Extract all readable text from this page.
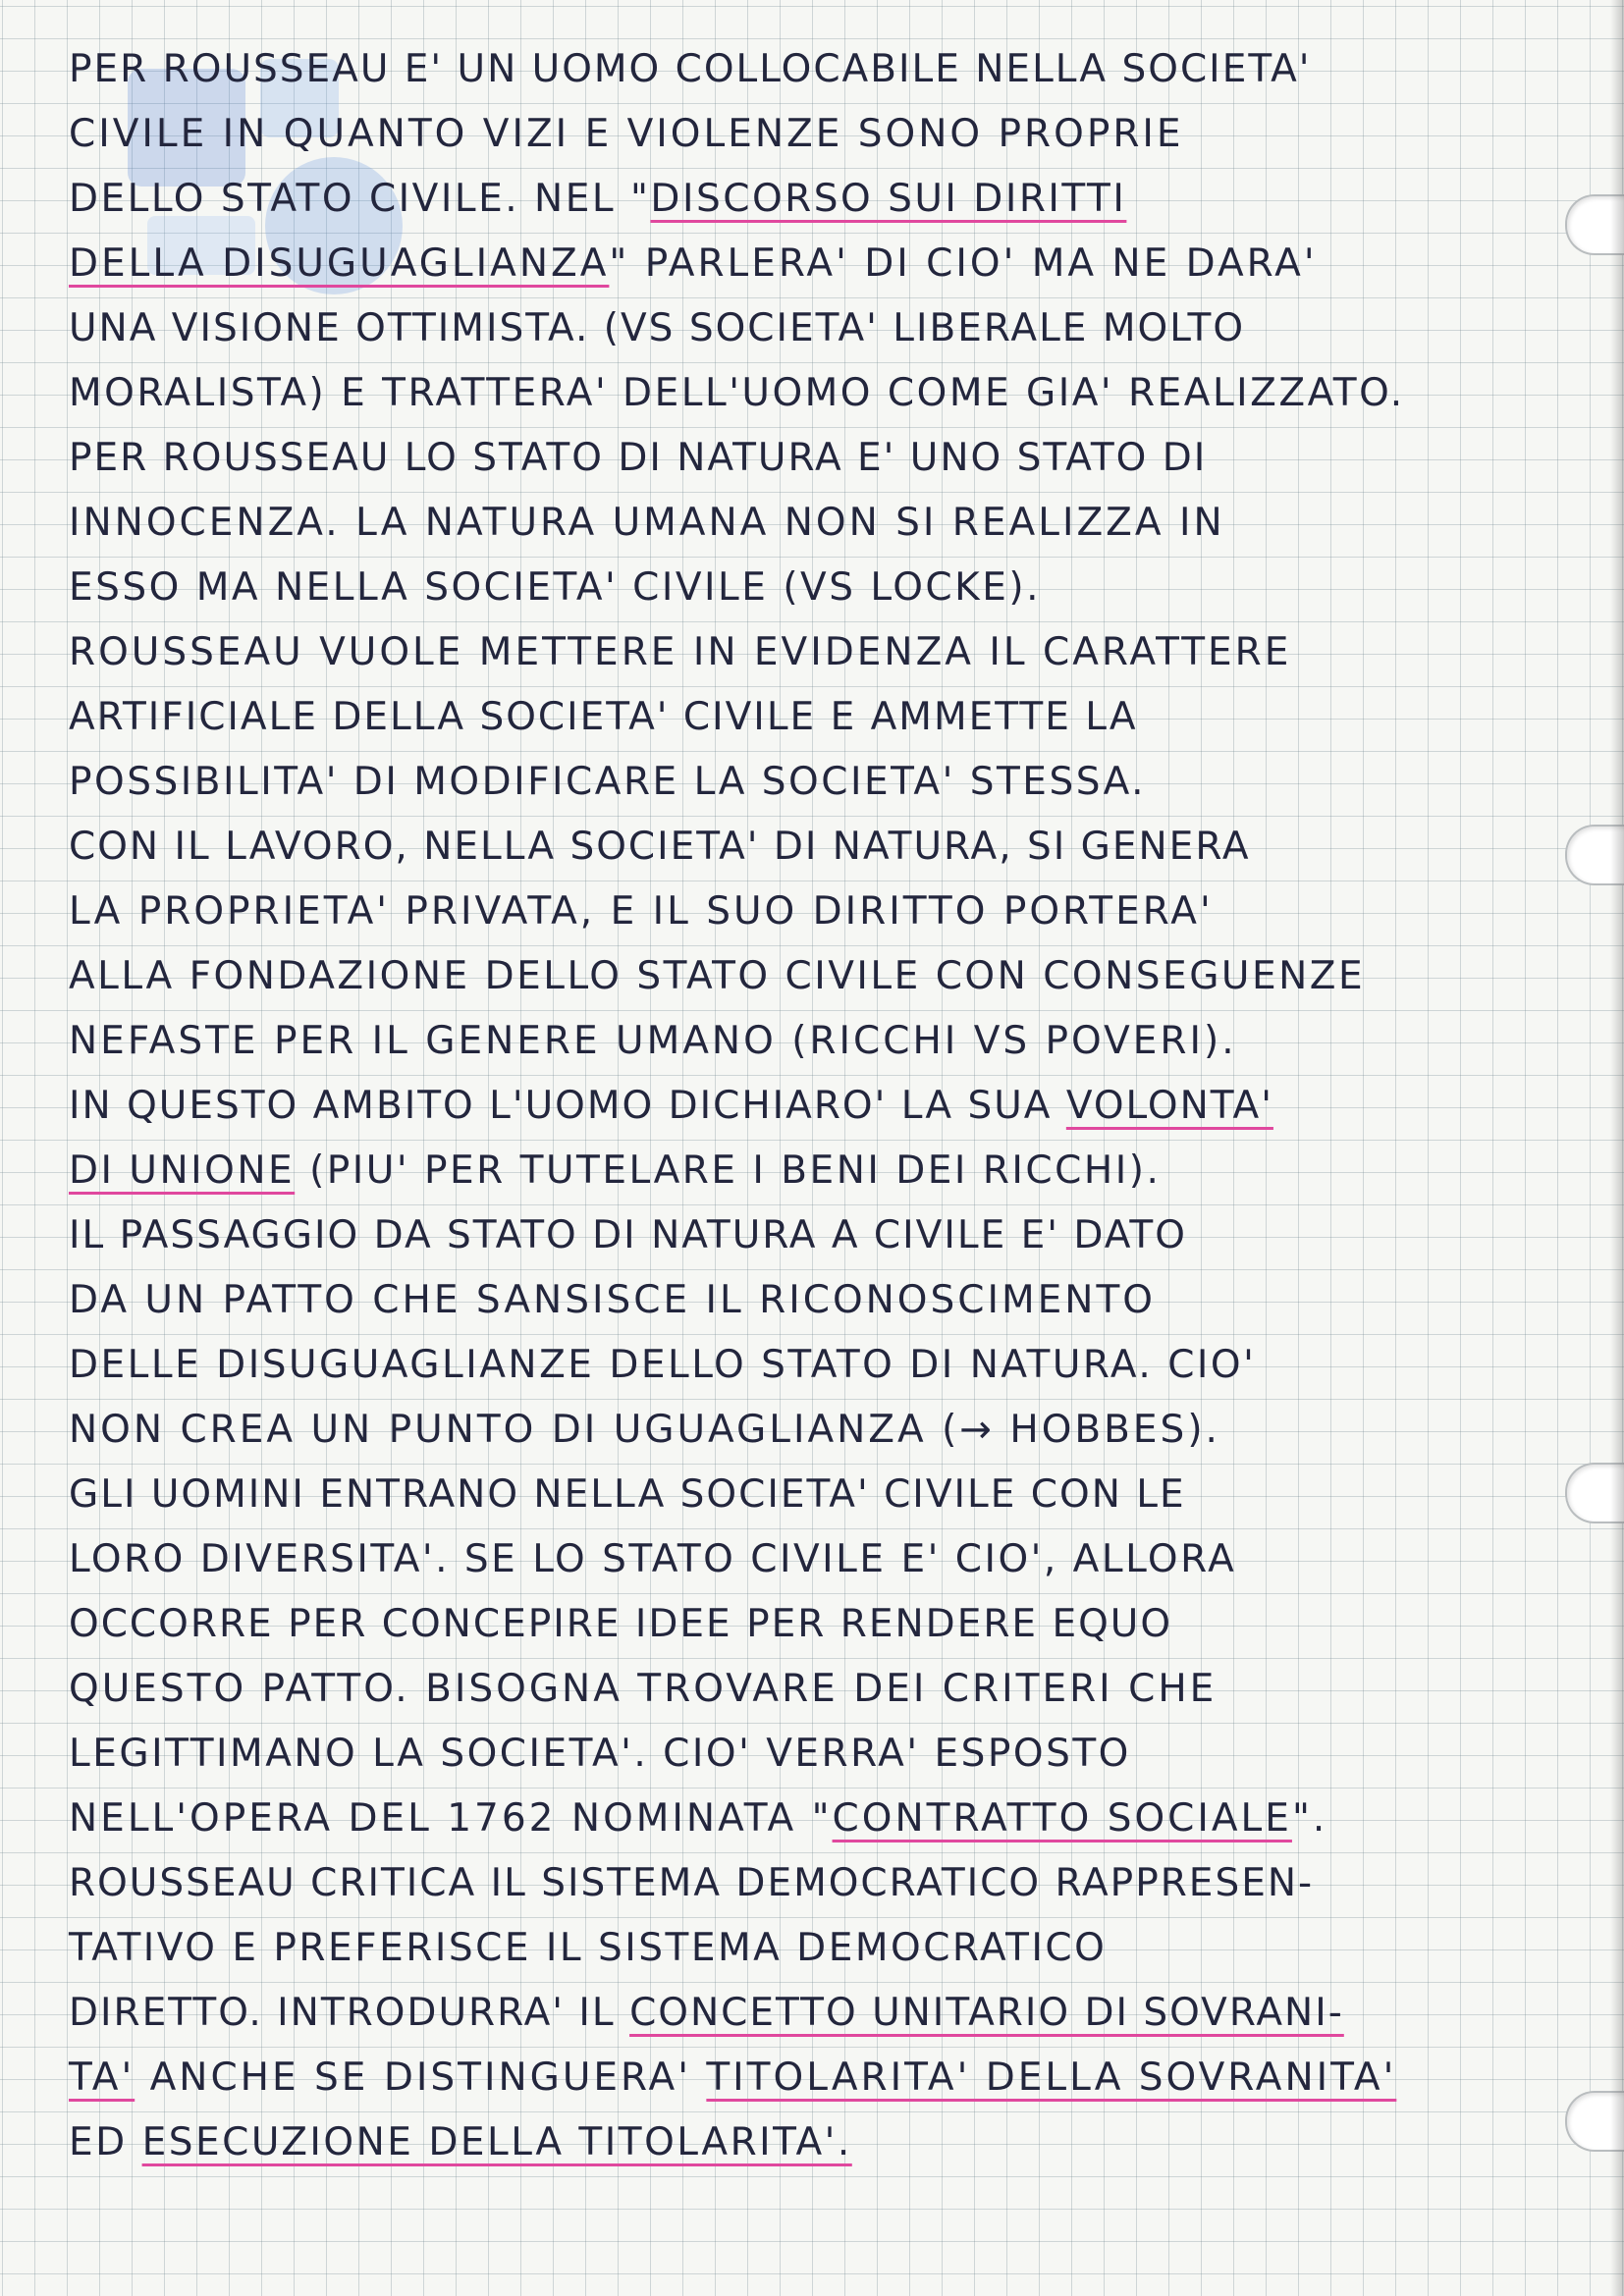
PER ROUSSEAU E' UN UOMO COLLOCABILE NELLA SOCIETA'
CIVILE IN QUANTO VIZI E VIOLENZE SONO PROPRIE
DELLO STATO CIVILE. NEL "DISCORSO SUI DIRITTI
DELLA DISUGUAGLIANZA" PARLERA' DI CIO' MA NE DARA'
UNA VISIONE OTTIMISTA. (VS SOCIETA' LIBERALE MOLTO
MORALISTA) E TRATTERA' DELL'UOMO COME GIA' REALIZZATO.
PER ROUSSEAU LO STATO DI NATURA E' UNO STATO DI
INNOCENZA. LA NATURA UMANA NON SI REALIZZA IN
ESSO MA NELLA SOCIETA' CIVILE (VS LOCKE).
ROUSSEAU VUOLE METTERE IN EVIDENZA IL CARATTERE
ARTIFICIALE DELLA SOCIETA' CIVILE E AMMETTE LA
POSSIBILITA' DI MODIFICARE LA SOCIETA' STESSA.
CON IL LAVORO, NELLA SOCIETA' DI NATURA, SI GENERA
LA PROPRIETA' PRIVATA, E IL SUO DIRITTO PORTERA'
ALLA FONDAZIONE DELLO STATO CIVILE CON CONSEGUENZE
NEFASTE PER IL GENERE UMANO (RICCHI VS POVERI).
IN QUESTO AMBITO L'UOMO DICHIARO' LA SUA VOLONTA'
DI UNIONE (PIU' PER TUTELARE I BENI DEI RICCHI).
IL PASSAGGIO DA STATO DI NATURA A CIVILE E' DATO
DA UN PATTO CHE SANSISCE IL RICONOSCIMENTO
DELLE DISUGUAGLIANZE DELLO STATO DI NATURA. CIO'
NON CREA UN PUNTO DI UGUAGLIANZA (→ HOBBES).
GLI UOMINI ENTRANO NELLA SOCIETA' CIVILE CON LE
LORO DIVERSITA'. SE LO STATO CIVILE E' CIO', ALLORA
OCCORRE PER CONCEPIRE IDEE PER RENDERE EQUO
QUESTO PATTO. BISOGNA TROVARE DEI CRITERI CHE
LEGITTIMANO LA SOCIETA'. CIO' VERRA' ESPOSTO
NELL'OPERA DEL 1762 NOMINATA "CONTRATTO SOCIALE".
ROUSSEAU CRITICA IL SISTEMA DEMOCRATICO RAPPRESEN-
TATIVO E PREFERISCE IL SISTEMA DEMOCRATICO
DIRETTO. INTRODURRA' IL CONCETTO UNITARIO DI SOVRANI-
TA' ANCHE SE DISTINGUERA' TITOLARITA' DELLA SOVRANITA'
ED ESECUZIONE DELLA TITOLARITA'.
